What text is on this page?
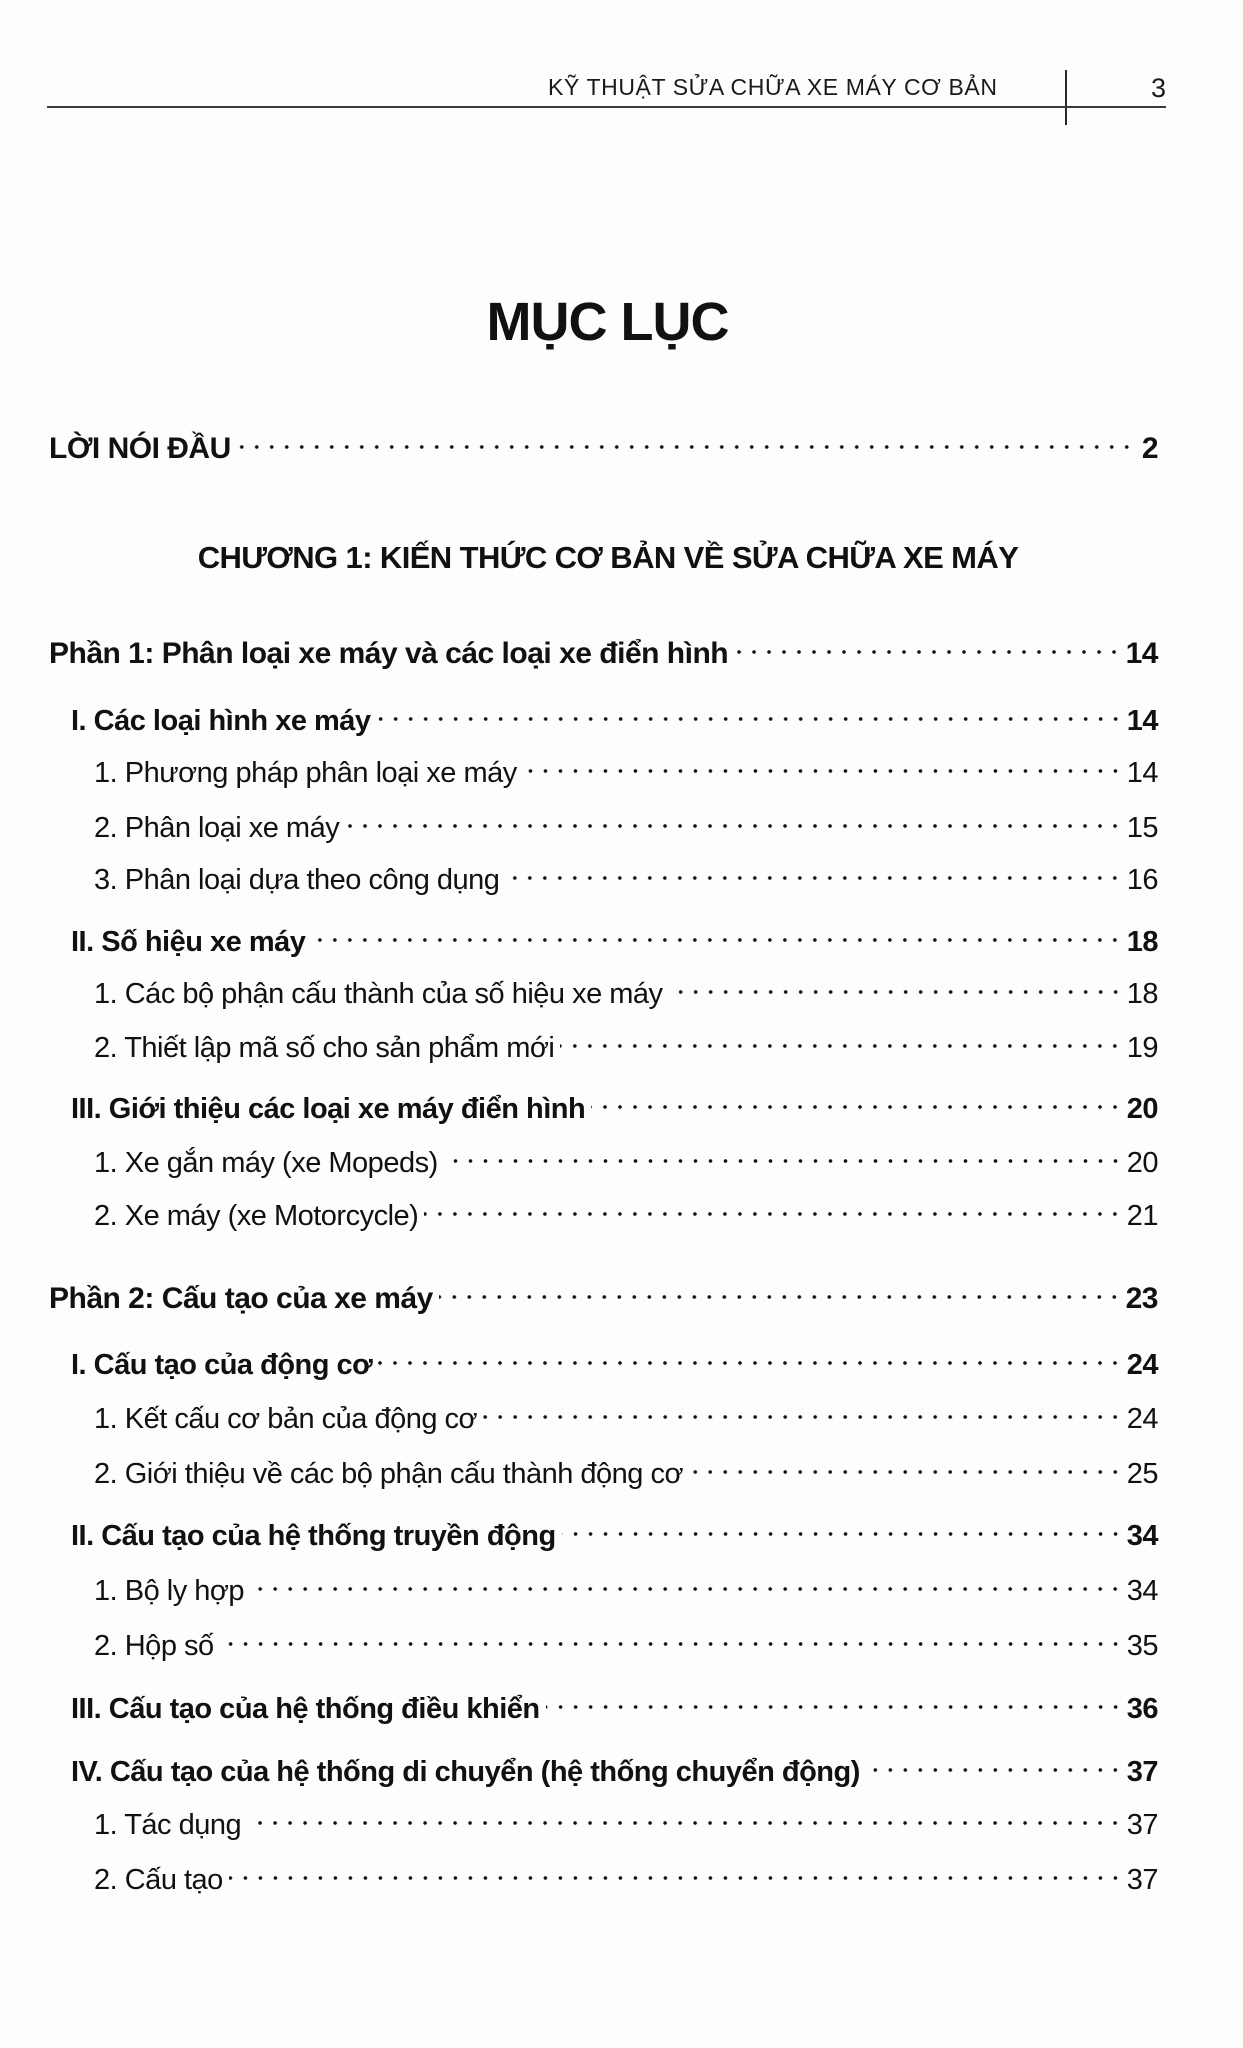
KỸ THUẬT SỬA CHỮA XE MÁY CƠ BẢN	3
MỤC LỤC
LỜI NÓI ĐẦU	2
CHƯƠNG 1: KIẾN THỨC CƠ BẢN VỀ SỬA CHỮA XE MÁY
Phần 1: Phân loại xe máy và các loại xe điển hình	14
I. Các loại hình xe máy	14
1. Phương pháp phân loại xe máy	14
2. Phân loại xe máy	15
3. Phân loại dựa theo công dụng	16
II. Số hiệu xe máy	18
1. Các bộ phận cấu thành của số hiệu xe máy	18
2. Thiết lập mã số cho sản phẩm mới	19
III. Giới thiệu các loại xe máy điển hình	20
1. Xe gắn máy (xe Mopeds)	20
2. Xe máy (xe Motorcycle)	21
Phần 2: Cấu tạo của xe máy	23
I. Cấu tạo của động cơ	24
1. Kết cấu cơ bản của động cơ	24
2. Giới thiệu về các bộ phận cấu thành động cơ	25
II. Cấu tạo của hệ thống truyền động	34
1. Bộ ly hợp	34
2. Hộp số	35
III. Cấu tạo của hệ thống điều khiển	36
IV. Cấu tạo của hệ thống di chuyển (hệ thống chuyển động)	37
1. Tác dụng	37
2. Cấu tạo	37
